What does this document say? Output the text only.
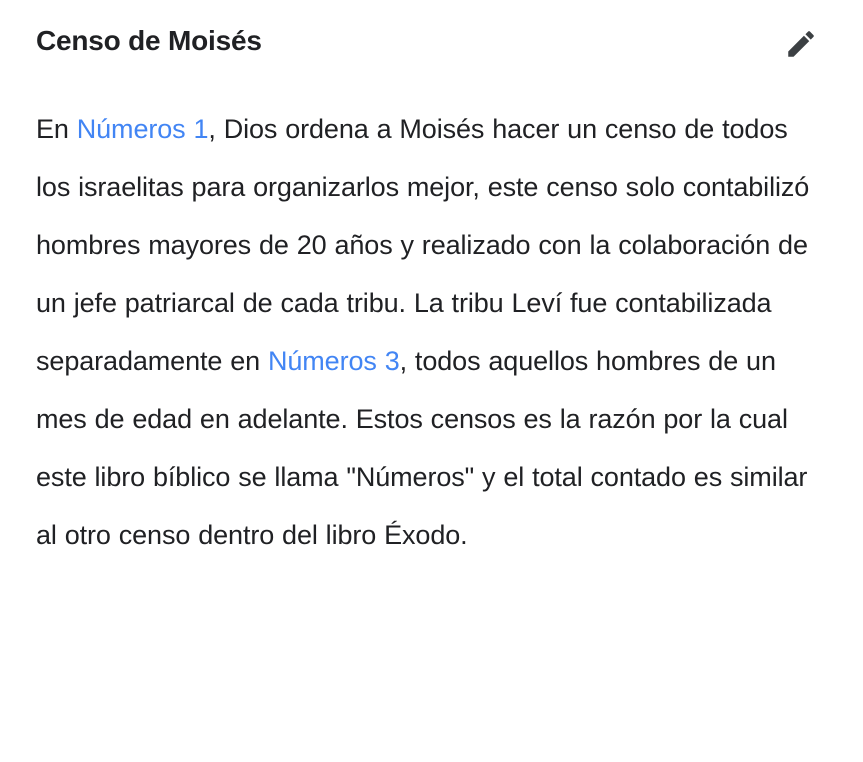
Censo de Moisés
En Números 1, Dios ordena a Moisés hacer un censo de todos los israelitas para organizarlos mejor, este censo solo contabilizó hombres mayores de 20 años y realizado con la colaboración de un jefe patriarcal de cada tribu. La tribu Leví fue contabilizada separadamente en Números 3, todos aquellos hombres de un mes de edad en adelante. Estos censos es la razón por la cual este libro bíblico se llama "Números" y el total contado es similar al otro censo dentro del libro Éxodo.
